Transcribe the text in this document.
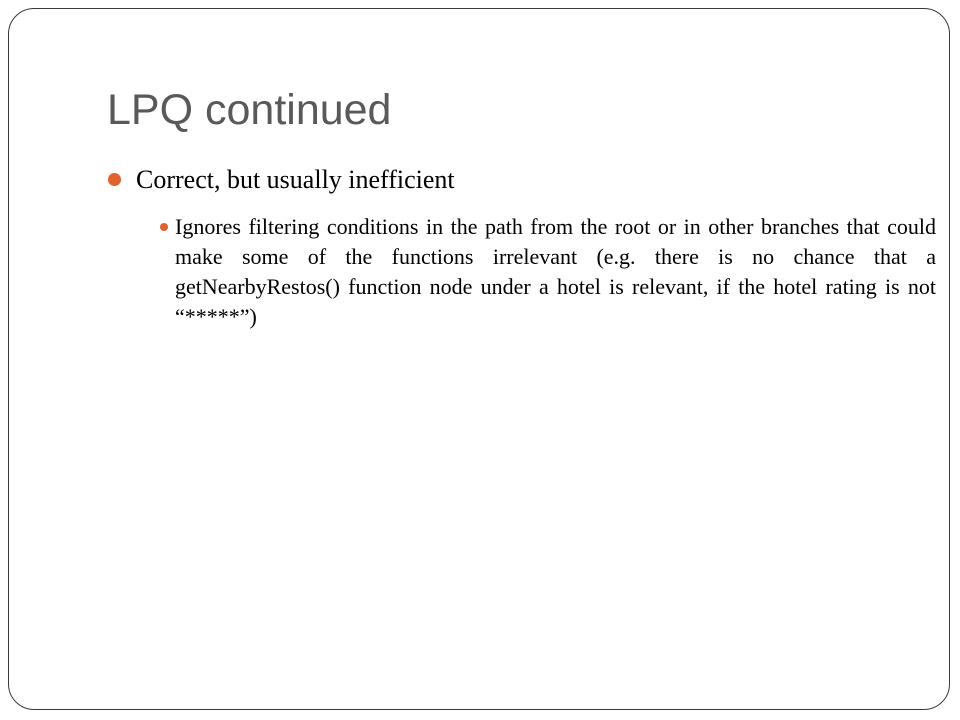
LPQ continued
Correct, but usually inefficient
Ignores filtering conditions in the path from the root or in other branches that could make some of the functions irrelevant (e.g. there is no chance that a getNearbyRestos() function node under a hotel is relevant, if the hotel rating is not “*****”)
